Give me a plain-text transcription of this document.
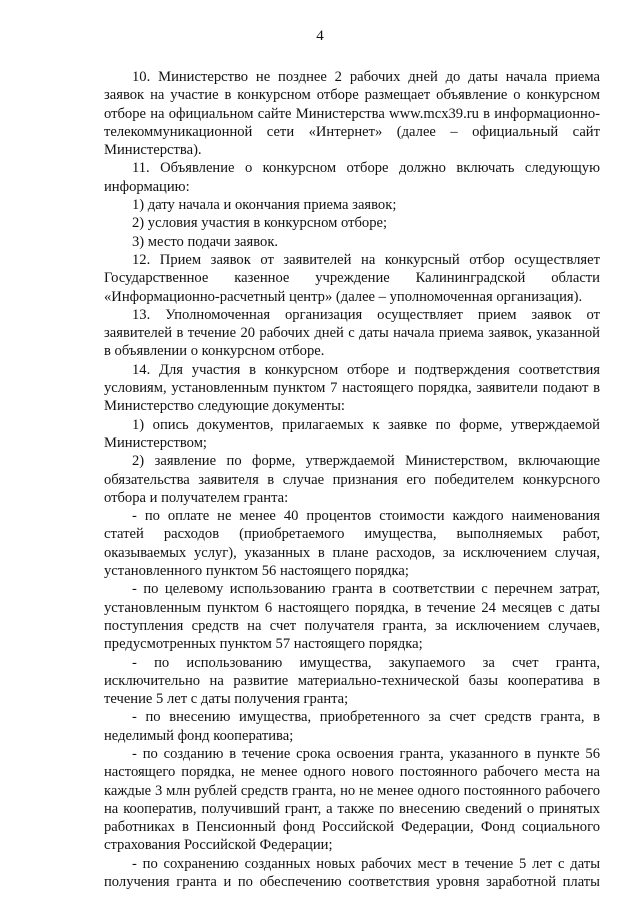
4

10. Министерство не позднее 2 рабочих дней до даты начала приема заявок на участие в конкурсном отборе размещает объявление о конкурсном отборе на официальном сайте Министерства www.mcx39.ru в информационно-телекоммуникационной сети «Интернет» (далее – официальный сайт Министерства).

11. Объявление о конкурсном отборе должно включать следующую информацию:

1) дату начала и окончания приема заявок;

2) условия участия в конкурсном отборе;

3) место подачи заявок.

12. Прием заявок от заявителей на конкурсный отбор осуществляет Государственное казенное учреждение Калининградской области «Информационно-расчетный центр» (далее – уполномоченная организация).

13. Уполномоченная организация осуществляет прием заявок от заявителей в течение 20 рабочих дней с даты начала приема заявок, указанной в объявлении о конкурсном отборе.

14. Для участия в конкурсном отборе и подтверждения соответствия условиям, установленным пунктом 7 настоящего порядка, заявители подают в Министерство следующие документы:

1) опись документов, прилагаемых к заявке по форме, утверждаемой Министерством;

2) заявление по форме, утверждаемой Министерством, включающие обязательства заявителя в случае признания его победителем конкурсного отбора и получателем гранта:

- по оплате не менее 40 процентов стоимости каждого наименования статей расходов (приобретаемого имущества, выполняемых работ, оказываемых услуг), указанных в плане расходов, за исключением случая, установленного пунктом 56 настоящего порядка;

- по целевому использованию гранта в соответствии с перечнем затрат, установленным пунктом 6 настоящего порядка, в течение 24 месяцев с даты поступления средств на счет получателя гранта, за исключением случаев, предусмотренных пунктом 57 настоящего порядка;

- по использованию имущества, закупаемого за счет гранта, исключительно на развитие материально-технической базы кооператива в течение 5 лет с даты получения гранта;

- по внесению имущества, приобретенного за счет средств гранта, в неделимый фонд кооператива;

- по созданию в течение срока освоения гранта, указанного в пункте 56 настоящего порядка, не менее одного нового постоянного рабочего места на каждые 3 млн рублей средств гранта, но не менее одного постоянного рабочего на кооператив, получивший грант, а также по внесению сведений о принятых работниках в Пенсионный фонд Российской Федерации, Фонд социального страхования Российской Федерации;

- по сохранению созданных новых рабочих мест в течение 5 лет с даты получения гранта и по обеспечению соответствия уровня заработной платы
